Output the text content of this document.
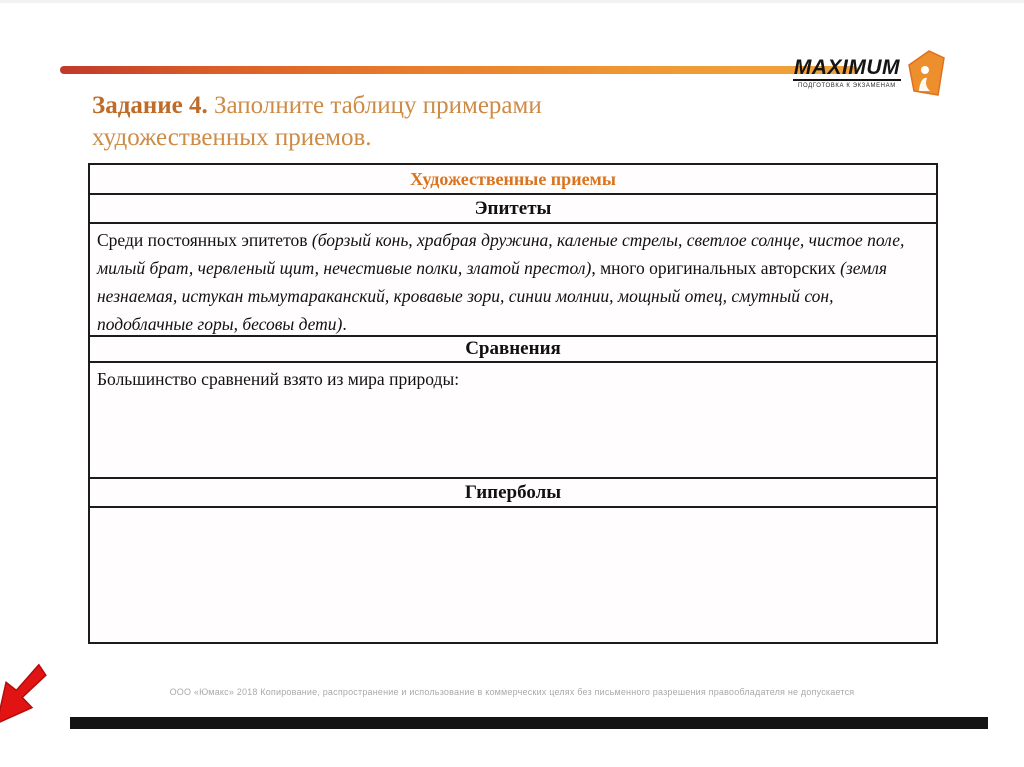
MAXIMUM
ПОДГОТОВКА К ЭКЗАМЕНАМ
Задание 4. Заполните таблицу примерами художественных приемов.
Художественные приемы
Эпитеты
Среди постоянных эпитетов (борзый конь, храбрая дружина, каленые стрелы, светлое солнце, чистое поле, милый брат, червленый щит, нечестивые полки, златой престол), много оригинальных авторских (земля незнаемая, истукан тьмутараканский, кровавые зори, синии молнии, мощный отец, смутный сон, подоблачные горы, бесовы дети).
Сравнения
Большинство сравнений взято из мира природы:
Гиперболы
ООО «Юмакс» 2018 Копирование, распространение и использование в коммерческих целях без письменного разрешения правообладателя не допускается
